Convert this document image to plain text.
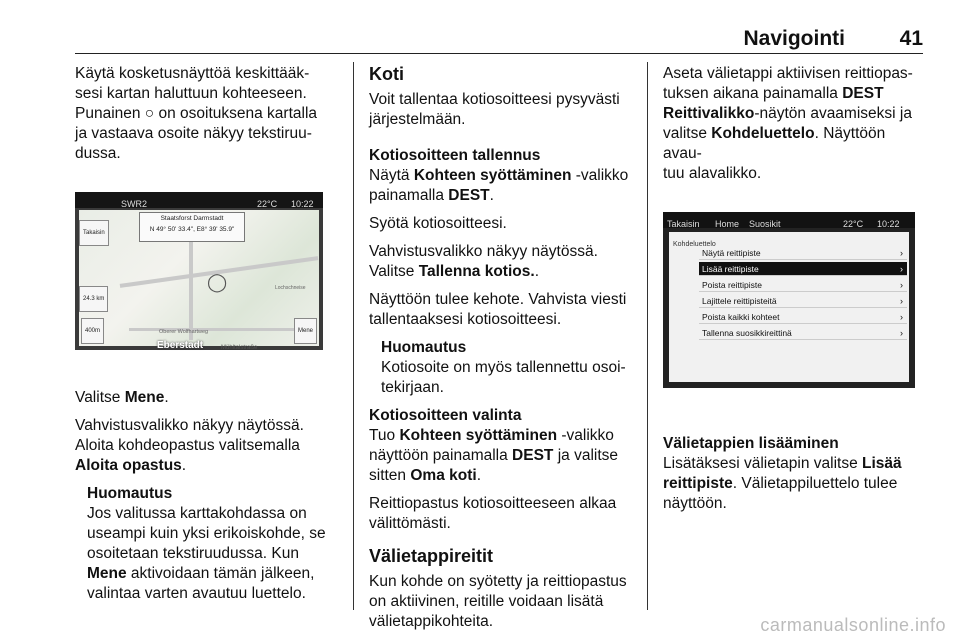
Navigointi	41
Käytä kosketusnäyttöä keskittääk-
sesi kartan haluttuun kohteeseen.
Punainen ○ on osoituksena kartalla
ja vastaava osoite näkyy tekstiruu-
dussa.
SWR2	22°C 10:22
◯	Lochschneise
Oberer Wolfhartweg
Eberstadt	Mühltalstraße
Takaisin
Staatsforst Darmstadt
N 49° 50' 33.4", E8° 39' 35.9"
24.3 km
400m	Mene
Valitse Mene.
Vahvistusvalikko näkyy näytössä.
Aloita kohdeopastus valitsemalla
Aloita opastus.
Huomautus
Jos valitussa karttakohdassa on
useampi kuin yksi erikoiskohde, se
osoitetaan tekstiruudussa. Kun
Mene aktivoidaan tämän jälkeen,
valintaa varten avautuu luettelo.
Koti
Voit tallentaa kotiosoitteesi pysyvästi
järjestelmään.
Kotiosoitteen tallennus
Näytä Kohteen syöttäminen -valikko
painamalla DEST.
Syötä kotiosoitteesi.
Vahvistusvalikko näkyy näytössä.
Valitse Tallenna kotios..
Näyttöön tulee kehote. Vahvista viesti
tallentaaksesi kotiosoitteesi.
Huomautus
Kotiosoite on myös tallennettu osoi-
tekirjaan.
Kotiosoitteen valinta
Tuo Kohteen syöttäminen -valikko
näyttöön painamalla DEST ja valitse
sitten Oma koti.
Reittiopastus kotiosoitteeseen alkaa
välittömästi.
Välietappireitit
Kun kohde on syötetty ja reittiopastus
on aktiivinen, reitille voidaan lisätä
välietappikohteita.
Aseta välietappi aktiivisen reittiopas-
tuksen aikana painamalla DEST
Reittivalikko-näytön avaamiseksi ja
valitse Kohdeluettelo. Näyttöön avau-
tuu alavalikko.
Takaisin Home Suosikit	22°C 10:22
Kohdeluettelo
Näytä reittipiste	›
Lisää reittipiste	›
Poista reittipiste	›
Lajittele reittipisteitä	›
Poista kaikki kohteet	›
Tallenna suosikkireittinä	›
Välietappien lisääminen
Lisätäksesi välietapin valitse Lisää
reittipiste. Välietappiluettelo tulee
näyttöön.
carmanualsonline.info
